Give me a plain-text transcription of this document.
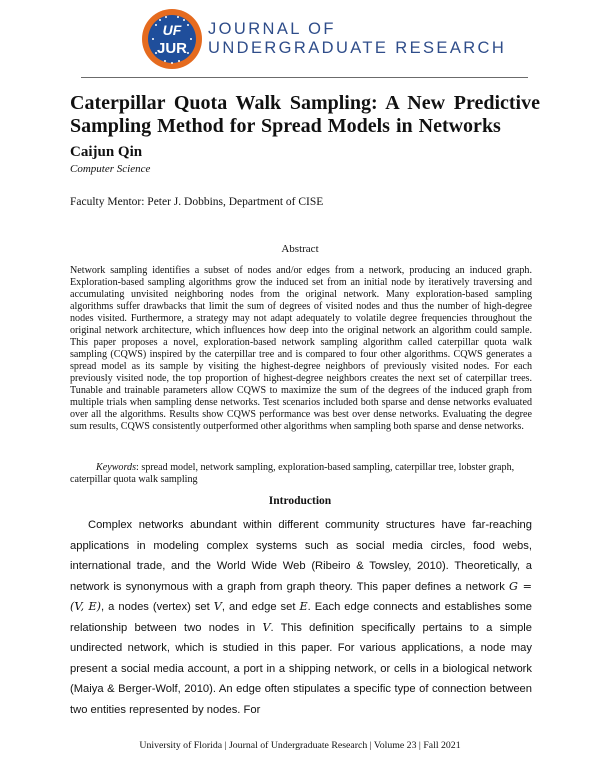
UF
JUR
JOURNAL OF
UNDERGRADUATE RESEARCH
Caterpillar Quota Walk Sampling: A New Predictive Sampling Method for Spread Models in Networks
Caijun Qin
Computer Science
Faculty Mentor: Peter J. Dobbins, Department of CISE
Abstract

Network sampling identifies a subset of nodes and/or edges from a network, producing an induced graph. Exploration-based sampling algorithms grow the induced set from an initial node by iteratively traversing and accumulating unvisited neighboring nodes from the original network. Many exploration-based sampling algorithms suffer drawbacks that limit the sum of degrees of visited nodes and thus the number of high-degree nodes visited. Furthermore, a strategy may not adapt adequately to volatile degree frequencies throughout the original network architecture, which influences how deep into the original network an algorithm could sample. This paper proposes a novel, exploration-based network sampling algorithm called caterpillar quota walk sampling (CQWS) inspired by the caterpillar tree and is compared to four other algorithms. CQWS generates a spread model as its sample by visiting the highest-degree neighbors of previously visited nodes. For each previously visited node, the top proportion of highest-degree neighbors creates the next set of caterpillar trees. Tunable and trainable parameters allow CQWS to maximize the sum of the degrees of the induced graph from multiple trials when sampling dense networks. Test scenarios included both sparse and dense networks evaluated over all the algorithms. Results show CQWS performance was best over dense networks. Evaluating the degree sum results, CQWS consistently outperformed other algorithms when sampling both sparse and dense networks.

Keywords: spread model, network sampling, exploration-based sampling, caterpillar tree, lobster graph, caterpillar quota walk sampling

Introduction

Complex networks abundant within different community structures have far-reaching applications in modeling complex systems such as social media circles, food webs, international trade, and the World Wide Web (Ribeiro & Towsley, 2010). Theoretically, a network is synonymous with a graph from graph theory. This paper defines a network G = (V, E), a nodes (vertex) set V, and edge set E. Each edge connects and establishes some relationship between two nodes in V. This definition specifically pertains to a simple undirected network, which is studied in this paper. For various applications, a node may present a social media account, a port in a shipping network, or cells in a biological network (Maiya & Berger-Wolf, 2010). An edge often stipulates a specific type of connection between two entities represented by nodes. For

University of Florida | Journal of Undergraduate Research | Volume 23 | Fall 2021
